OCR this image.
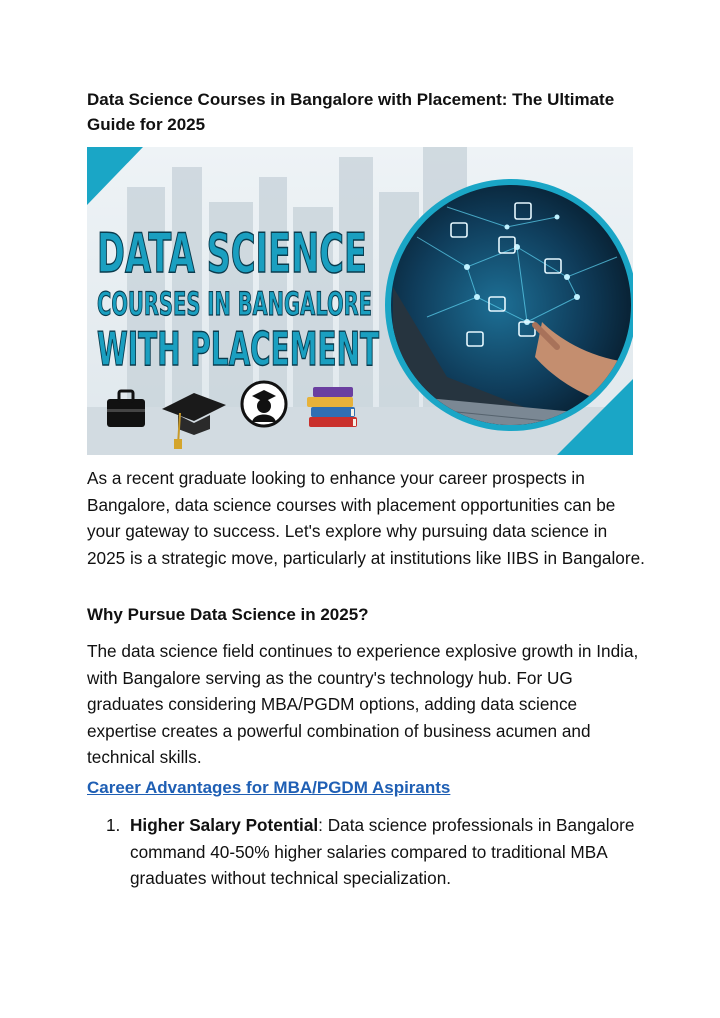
Data Science Courses in Bangalore with Placement: The Ultimate Guide for 2025
DATA SCIENCE
COURSES IN BANGALORE
WITH PLACEMENT

As a recent graduate looking to enhance your career prospects in Bangalore, data science courses with placement opportunities can be your gateway to success. Let's explore why pursuing data science in 2025 is a strategic move, particularly at institutions like IIBS in Bangalore.

Why Pursue Data Science in 2025?

The data science field continues to experience explosive growth in India, with Bangalore serving as the country's technology hub. For UG graduates considering MBA/PGDM options, adding data science expertise creates a powerful combination of business acumen and technical skills.

Career Advantages for MBA/PGDM Aspirants
1. Higher Salary Potential: Data science professionals in Bangalore command 40-50% higher salaries compared to traditional MBA graduates without technical specialization.
